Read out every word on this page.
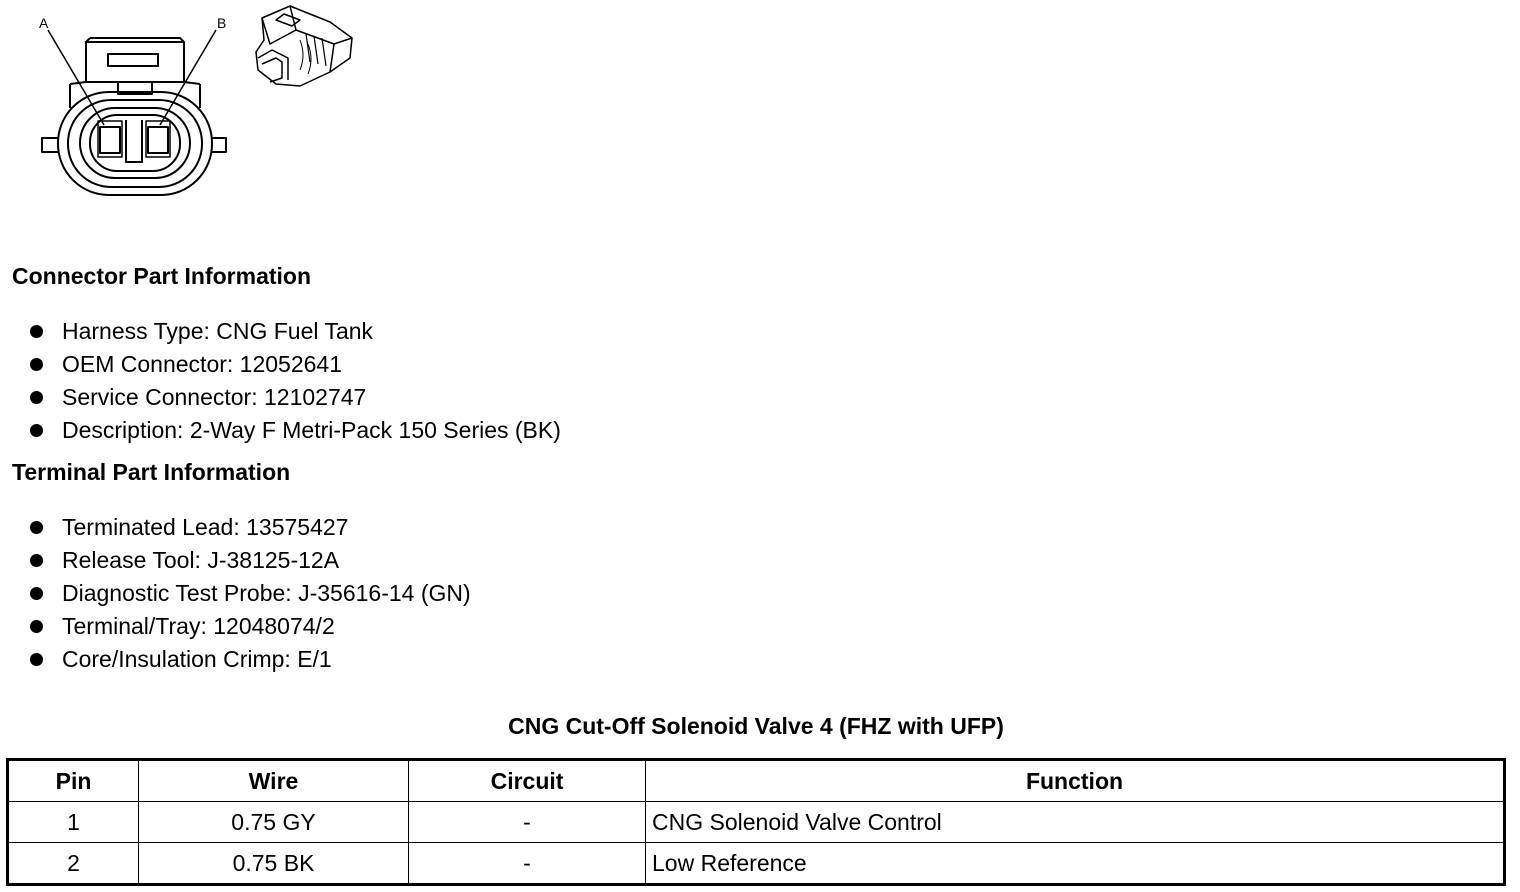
A	B
Connector Part Information
Harness Type: CNG Fuel Tank
OEM Connector: 12052641
Service Connector: 12102747
Description: 2-Way F Metri-Pack 150 Series (BK)
Terminal Part Information
Terminated Lead: 13575427
Release Tool: J-38125-12A
Diagnostic Test Probe: J-35616-14 (GN)
Terminal/Tray: 12048074/2
Core/Insulation Crimp: E/1
CNG Cut-Off Solenoid Valve 4 (FHZ with UFP)
Pin	Wire	Circuit	Function
1	0.75 GY	-	CNG Solenoid Valve Control
2	0.75 BK	-	Low Reference
